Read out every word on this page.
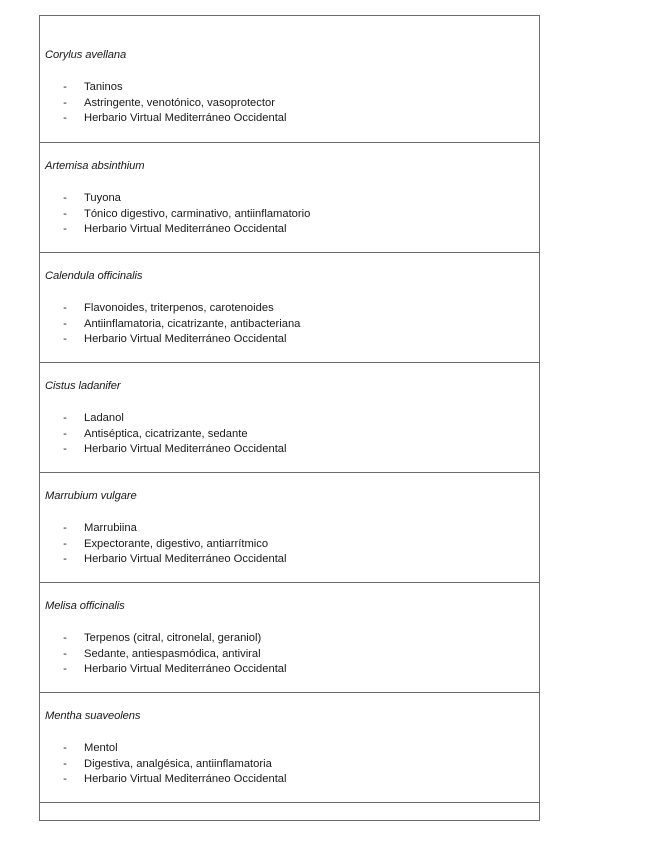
Corylus avellana
- Taninos
- Astringente, venotónico, vasoprotector
- Herbario Virtual Mediterráneo Occidental
Artemisa absinthium
- Tuyona
- Tónico digestivo, carminativo, antiinflamatorio
- Herbario Virtual Mediterráneo Occidental
Calendula officinalis
- Flavonoides, triterpenos, carotenoides
- Antiinflamatoria, cicatrizante, antibacteriana
- Herbario Virtual Mediterráneo Occidental
Cistus ladanifer
- Ladanol
- Antiséptica, cicatrizante, sedante
- Herbario Virtual Mediterráneo Occidental
Marrubium vulgare
- Marrubiina
- Expectorante, digestivo, antiarrítmico
- Herbario Virtual Mediterráneo Occidental
Melisa officinalis
- Terpenos (citral, citronelal, geraniol)
- Sedante, antiespasmódica, antiviral
- Herbario Virtual Mediterráneo Occidental
Mentha suaveolens
- Mentol
- Digestiva, analgésica, antiinflamatoria
- Herbario Virtual Mediterráneo Occidental
